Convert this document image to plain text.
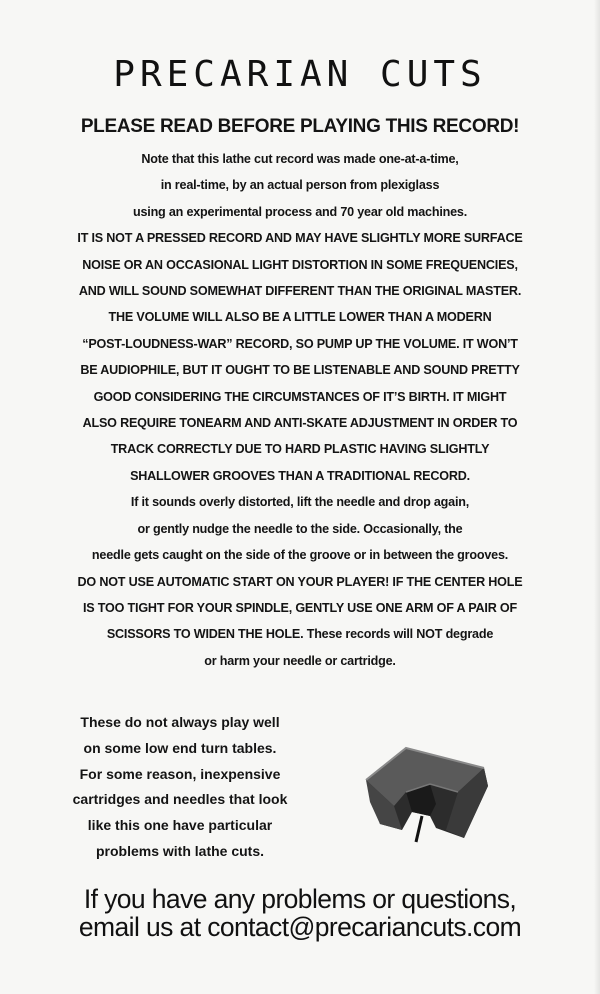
PRECARIAN CUTS
PLEASE READ BEFORE PLAYING THIS RECORD!
Note that this lathe cut record was made one-at-a-time,
in real-time, by an actual person from plexiglass
using an experimental process and 70 year old machines.
IT IS NOT A PRESSED RECORD AND MAY HAVE SLIGHTLY MORE SURFACE
NOISE OR AN OCCASIONAL LIGHT DISTORTION IN SOME FREQUENCIES,
AND WILL SOUND SOMEWHAT DIFFERENT THAN THE ORIGINAL MASTER.
THE VOLUME WILL ALSO BE A LITTLE LOWER THAN A MODERN
“POST-LOUDNESS-WAR” RECORD, SO PUMP UP THE VOLUME. IT WON’T
BE AUDIOPHILE, BUT IT OUGHT TO BE LISTENABLE AND SOUND PRETTY
GOOD CONSIDERING THE CIRCUMSTANCES OF IT’S BIRTH. IT MIGHT
ALSO REQUIRE TONEARM AND ANTI-SKATE ADJUSTMENT IN ORDER TO
TRACK CORRECTLY DUE TO HARD PLASTIC HAVING SLIGHTLY
SHALLOWER GROOVES THAN A TRADITIONAL RECORD.
If it sounds overly distorted, lift the needle and drop again,
or gently nudge the needle to the side. Occasionally, the
needle gets caught on the side of the groove or in between the grooves.
DO NOT USE AUTOMATIC START ON YOUR PLAYER! IF THE CENTER HOLE
IS TOO TIGHT FOR YOUR SPINDLE, GENTLY USE ONE ARM OF A PAIR OF
SCISSORS TO WIDEN THE HOLE. These records will NOT degrade
or harm your needle or cartridge.
These do not always play well
on some low end turn tables.
For some reason, inexpensive
cartridges and needles that look
like this one have particular
problems with lathe cuts.
If you have any problems or questions,
email us at contact@precariancuts.com
